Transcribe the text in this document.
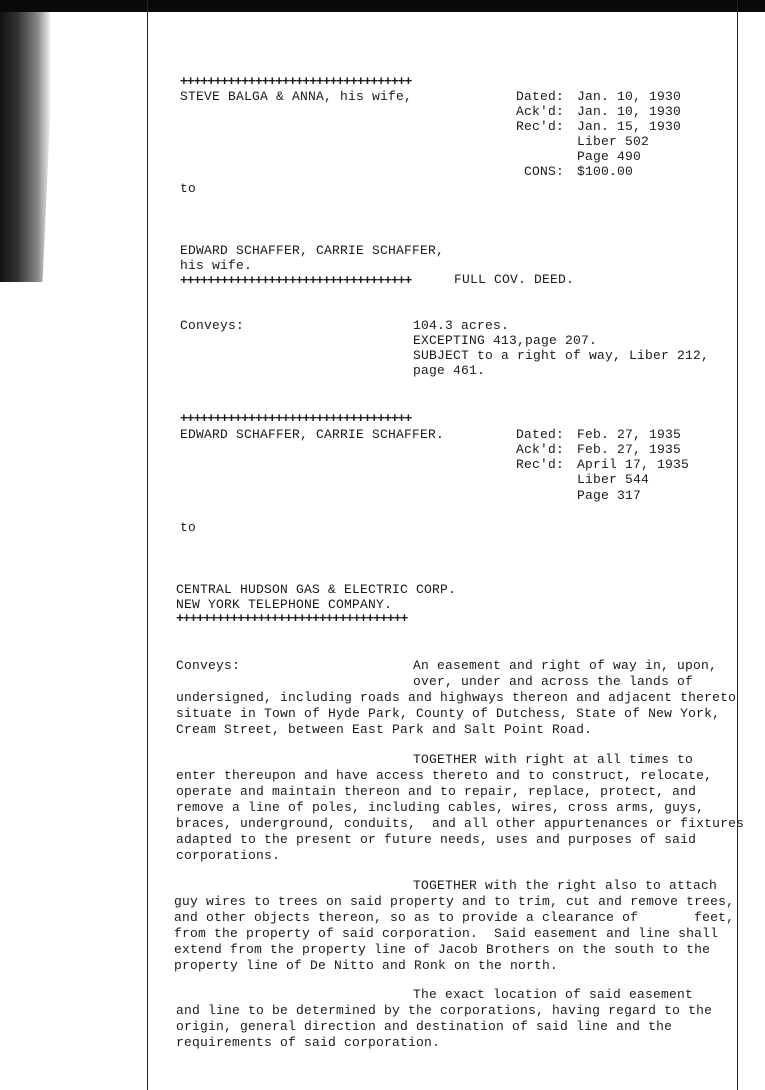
++++++++++++++++++++++++++++++++++
STEVE BALGA & ANNA, his wife,	Dated: Jan. 10, 1930
Ack'd: Jan. 10, 1930
Rec'd: Jan. 15, 1930
Liber 502
Page 490
CONS: $100.00
to
EDWARD SCHAFFER, CARRIE SCHAFFER,
his wife.
++++++++++++++++++++++++++++++++++	FULL COV. DEED.
Conveys:	104.3 acres.
EXCEPTING 413,page 207.
SUBJECT to a right of way, Liber 212,
page 461.
++++++++++++++++++++++++++++++++++
EDWARD SCHAFFER, CARRIE SCHAFFER.	Dated: Feb. 27, 1935
Ack'd: Feb. 27, 1935
Rec'd: April 17, 1935
Liber 544
Page 317
to
CENTRAL HUDSON GAS & ELECTRIC CORP.
NEW YORK TELEPHONE COMPANY.
++++++++++++++++++++++++++++++++++
Conveys:	An easement and right of way in, upon,
over, under and across the lands of
undersigned, including roads and highways thereon and adjacent thereto
situate in Town of Hyde Park, County of Dutchess, State of New York,
Cream Street, between East Park and Salt Point Road.
TOGETHER with right at all times to
enter thereupon and have access thereto and to construct, relocate,
operate and maintain thereon and to repair, replace, protect, and
remove a line of poles, including cables, wires, cross arms, guys,
braces, underground, conduits,  and all other appurtenances or fixtures
adapted to the present or future needs, uses and purposes of said
corporations.
TOGETHER with the right also to attach
guy wires to trees on said property and to trim, cut and remove trees,
and other objects thereon, so as to provide a clearance of       feet,
from the property of said corporation.  Said easement and line shall
extend from the property line of Jacob Brothers on the south to the
property line of De Nitto and Ronk on the north.
The exact location of said easement
and line to be determined by the corporations, having regard to the
origin, general direction and destination of said line and the
requirements of said corporation.
